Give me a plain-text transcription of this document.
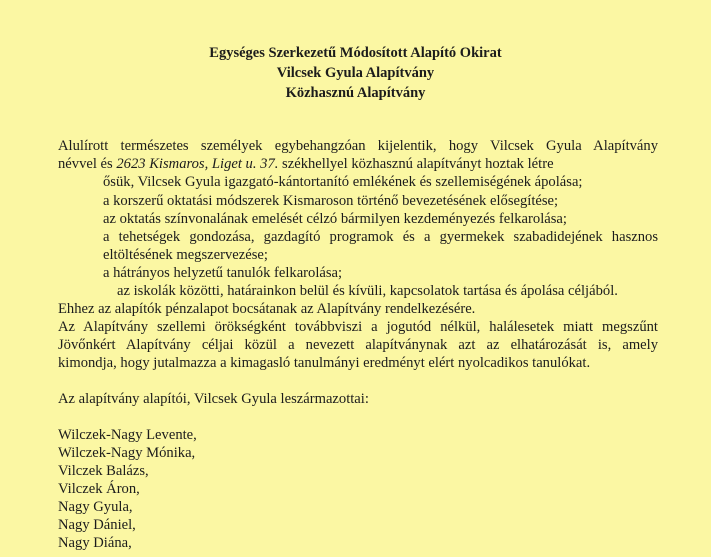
Egységes Szerkezetű Módosított Alapító Okirat
Vilcsek Gyula Alapítvány
Közhasznú Alapítvány
Alulírott természetes személyek egybehangzóan kijelentik, hogy Vilcsek Gyula Alapítvány
névvel és 2623 Kismaros, Liget u. 37. székhellyel közhasznú alapítványt hoztak létre
ősük, Vilcsek Gyula igazgató-kántortanító emlékének és szellemiségének ápolása;
a korszerű oktatási módszerek Kismaroson történő bevezetésének elősegítése;
az oktatás színvonalának emelését célzó bármilyen kezdeményezés felkarolása;
a tehetségek gondozása, gazdagító programok és a gyermekek szabadidejének hasznos
eltöltésének megszervezése;
a hátrányos helyzetű tanulók felkarolása;
az iskolák közötti, határainkon belül és kívüli, kapcsolatok tartása és ápolása céljából.
Ehhez az alapítók pénzalapot bocsátanak az Alapítvány rendelkezésére.
Az Alapítvány szellemi örökségként továbbviszi a jogutód nélkül, halálesetek miatt megszűnt
Jövőnkért Alapítvány céljai közül a nevezett alapítványnak azt az elhatározását is, amely
kimondja, hogy jutalmazza a kimagasló tanulmányi eredményt elért nyolcadikos tanulókat.
Az alapítvány alapítói, Vilcsek Gyula leszármazottai:
Wilczek-Nagy Levente,
Wilczek-Nagy Mónika,
Vilczek Balázs,
Vilczek Áron,
Nagy Gyula,
Nagy Dániel,
Nagy Diána,
